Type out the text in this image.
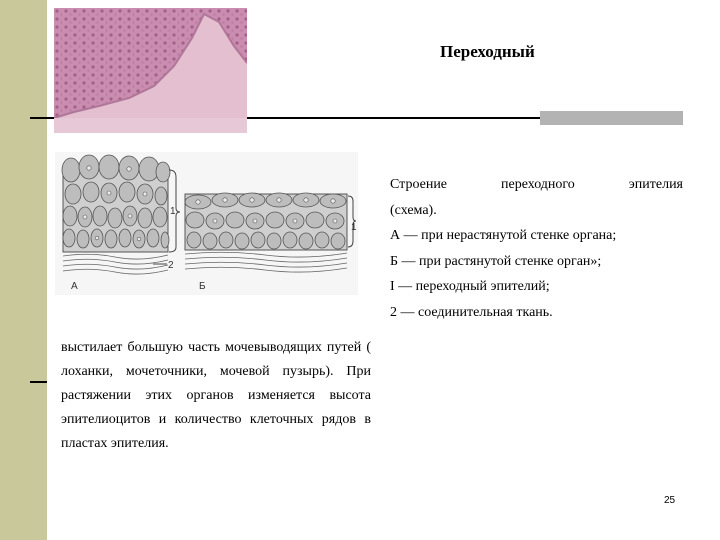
Переходный
1
2
1
А	Б

Строение переходного эпителия

(схема).

А — при нерастянутой стенке органа;

Б — при растянутой стенке орган»;

I — переходный эпителий;

2 — соединительная ткань.

выстилает большую часть мочевыводящих путей ( лоханки, мочеточники, мочевой пузырь). При растяжении этих органов изменяется высота эпителиоцитов и количество клеточных рядов в пластах эпителия.
25
